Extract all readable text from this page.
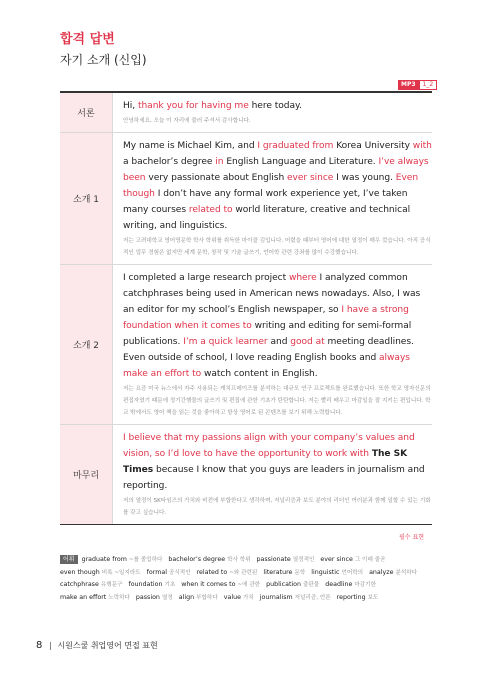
합격 답변
자기 소개 (신입)
MP3	1_2
서론
Hi, thank you for having me here today.
안녕하세요, 오늘 이 자리에 불러 주셔서 감사합니다.
소개 1
My name is Michael Kim, and I graduated from Korea University with a bachelor’s degree in English Language and Literature. I’ve always been very passionate about English ever since I was young. Even though I don’t have any formal work experience yet, I’ve taken many courses related to world literature, creative and technical writing, and linguistics.
저는 고려대학교 영어영문학 학사 학위를 취득한 마이클 김입니다. 어렸을 때부터 영어에 대한 열정이 매우 컸습니다. 아직 공식적인 업무 경험은 없지만 세계 문학, 창작 및 기술 글쓰기, 언어학 관련 강좌를 많이 수강했습니다.
소개 2
I completed a large research project where I analyzed common catchphrases being used in American news nowadays. Also, I was an editor for my school’s English newspaper, so I have a strong foundation when it comes to writing and editing for semi-formal publications. I’m a quick learner and good at meeting deadlines. Even outside of school, I love reading English books and always make an effort to watch content in English.
저는 요즘 미국 뉴스에서 자주 사용되는 캐치프레이즈를 분석하는 대규모 연구 프로젝트를 완료했습니다. 또한 학교 영자신문의 편집자였기 때문에 정기간행물의 글쓰기 및 편집에 관한 기초가 탄탄합니다. 저는 빨리 배우고 마감일을 잘 지키는 편입니다. 학교 밖에서도 영어 책을 읽는 것을 좋아하고 항상 영어로 된 콘텐츠를 보기 위해 노력합니다.
마무리
I believe that my passions align with your company’s values and vision, so I’d love to have the opportunity to work with The SK Times because I know that you guys are leaders in journalism and reporting.
저의 열정이 SK타임즈의 가치와 비전에 부합한다고 생각하며, 저널리즘과 보도 분야의 리더인 여러분과 함께 일할 수 있는 기회를 갖고 싶습니다.
필수 표현
어휘 graduate from ~를 졸업하다 bachelor’s degree 학사 학위 passionate 열정적인 ever since 그 이래 줄곧even though 비록 ~일지라도 formal 공식적인 related to ~와 관련된 literature 문학 linguistic 언어학의 analyze 분석하다catchphrase 유행문구 foundation 기초 when it comes to ~에 관한 publication 출판물 deadline 마감기한make an effort 노력하다 passion 열정 align 부합하다 value 가치 journalism 저널리즘, 언론 reporting 보도
8 시원스쿨 취업영어 면접 표현
